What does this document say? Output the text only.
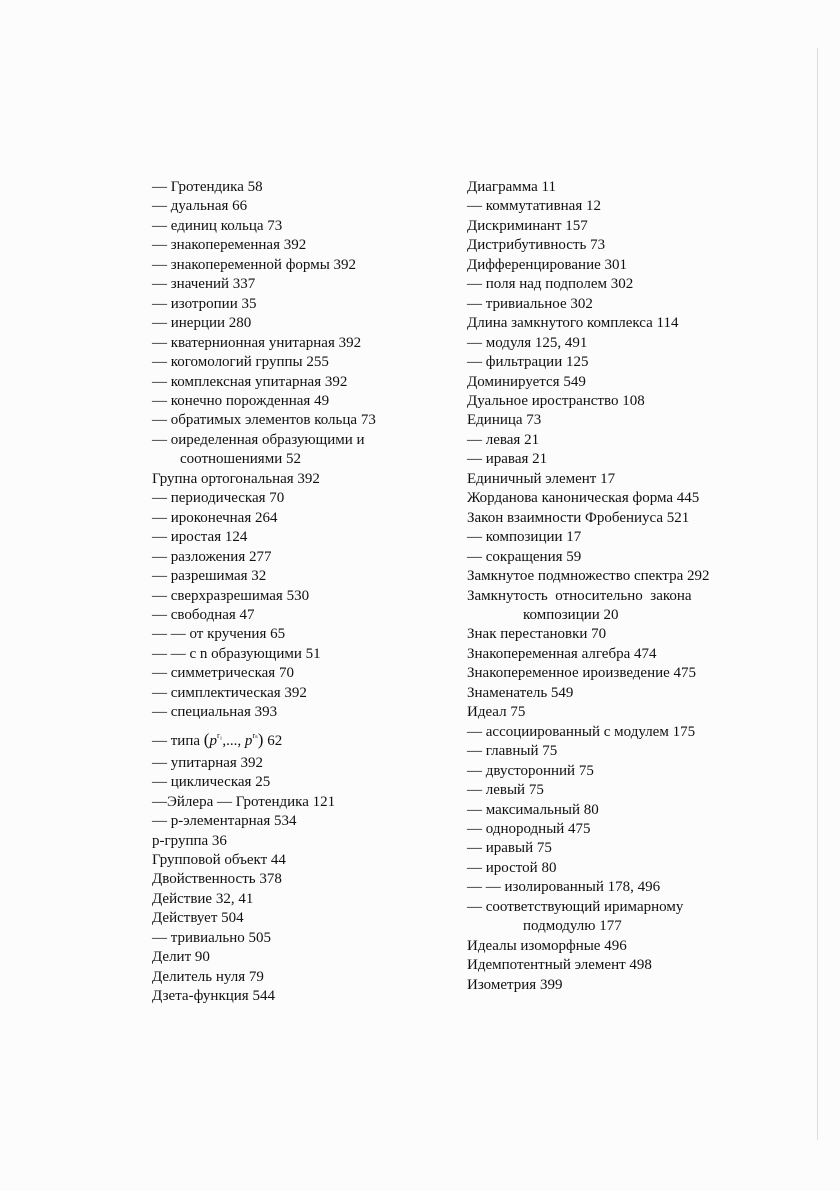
— Гротендика 58

— дуальная 66

— единиц кольца 73

— знакопеременная 392

— знакопеременной формы 392

— значений 337

— изотропии 35

— инерции 280

— кватернионная унитарная 392

— когомологий группы 255

— комплексная упитарная 392

— конечно порожденная 49

— обратимых элементов кольца 73

— оиределенная образующими и

соотношениями 52

Групна ортогональная 392

— периодическая 70

— ироконечная 264

— иростая 124

— разложения 277

— разрешимая 32

— сверхразрешимая 530

— свободная 47

— — от кручения 65

— — с n образующими 51

— симметрическая 70

— симплектическая 392

— специальная 393

— типа ($p^{r_1}$,..., $p^{r_s}$) 62

— упитарная 392

— циклическая 25

—Эйлера — Гротендика 121

— p-элементарная 534

p-группа 36

Групповой объект 44

Двойственность 378

Действие 32, 41

Действует 504

— тривиально 505

Делит 90

Делитель нуля 79

Дзета-функция 544

Диаграмма 11

— коммутативная 12

Дискриминант 157

Дистрибутивность 73

Дифференцирование 301

— поля над подполем 302

— тривиальное 302

Длина замкнутого комплекса 114

— модуля 125, 491

— фильтрации 125

Доминируется 549

Дуальное иространство 108

Единица 73

— левая 21

— иравая 21

Единичный элемент 17

Жорданова каноническая форма 445

Закон взаимности Фробениуса 521

— композиции 17

— сокращения 59

Замкнутое подмножество спектра 292

Замкнутость  относительно  закона

композиции 20

Знак перестановки 70

Знакопеременная алгебра 474

Знакопеременное ироизведение 475

Знаменатель 549

Идеал 75

— ассоциированный с модулем 175

— главный 75

— двусторонний 75

— левый 75

— максимальный 80

— однородный 475

— иравый 75

— иростой 80

— — изолированный 178, 496

— соответствующий иримарному

подмодулю 177

Идеалы изоморфные 496

Идемпотентный элемент 498

Изометрия 399
